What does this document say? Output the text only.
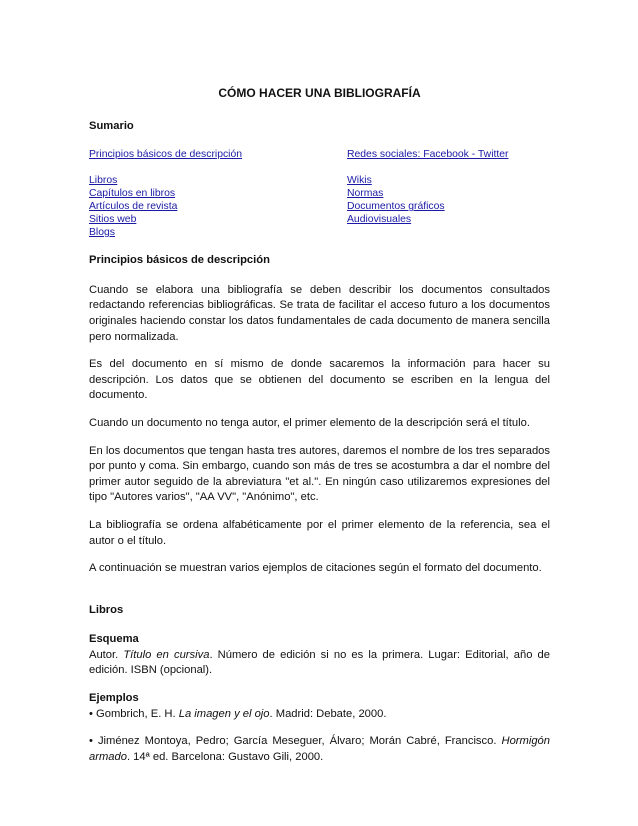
CÓMO HACER UNA BIBLIOGRAFÍA
Sumario
Principios básicos de descripción
Libros
Capítulos en libros
Artículos de revista
Sitios web
Blogs
Redes sociales: Facebook - Twitter
Wikis
Normas
Documentos gráficos
Audiovisuales
Principios básicos de descripción

Cuando se elabora una bibliografía se deben describir los documentos consultados redactando referencias bibliográficas. Se trata de facilitar el acceso futuro a los documentos originales haciendo constar los datos fundamentales de cada documento de manera sencilla pero normalizada.

Es del documento en sí mismo de donde sacaremos la información para hacer su descripción. Los datos que se obtienen del documento se escriben en la lengua del documento.

Cuando un documento no tenga autor, el primer elemento de la descripción será el título.

En los documentos que tengan hasta tres autores, daremos el nombre de los tres separados por punto y coma. Sin embargo, cuando son más de tres se acostumbra a dar el nombre del primer autor seguido de la abreviatura "et al.". En ningún caso utilizaremos expresiones del tipo "Autores varios", "AA VV", "Anónimo", etc.

La bibliografía se ordena alfabéticamente por el primer elemento de la referencia, sea el autor o el título.

A continuación se muestran varios ejemplos de citaciones según el formato del documento.

Libros
Esquema
Autor. Título en cursiva. Número de edición si no es la primera. Lugar: Editorial, año de edición. ISBN (opcional).
Ejemplos
• Gombrich, E. H. La imagen y el ojo. Madrid: Debate, 2000.
• Jiménez Montoya, Pedro; García Meseguer, Álvaro; Morán Cabré, Francisco. Hormigón armado. 14ª ed. Barcelona: Gustavo Gili, 2000.
